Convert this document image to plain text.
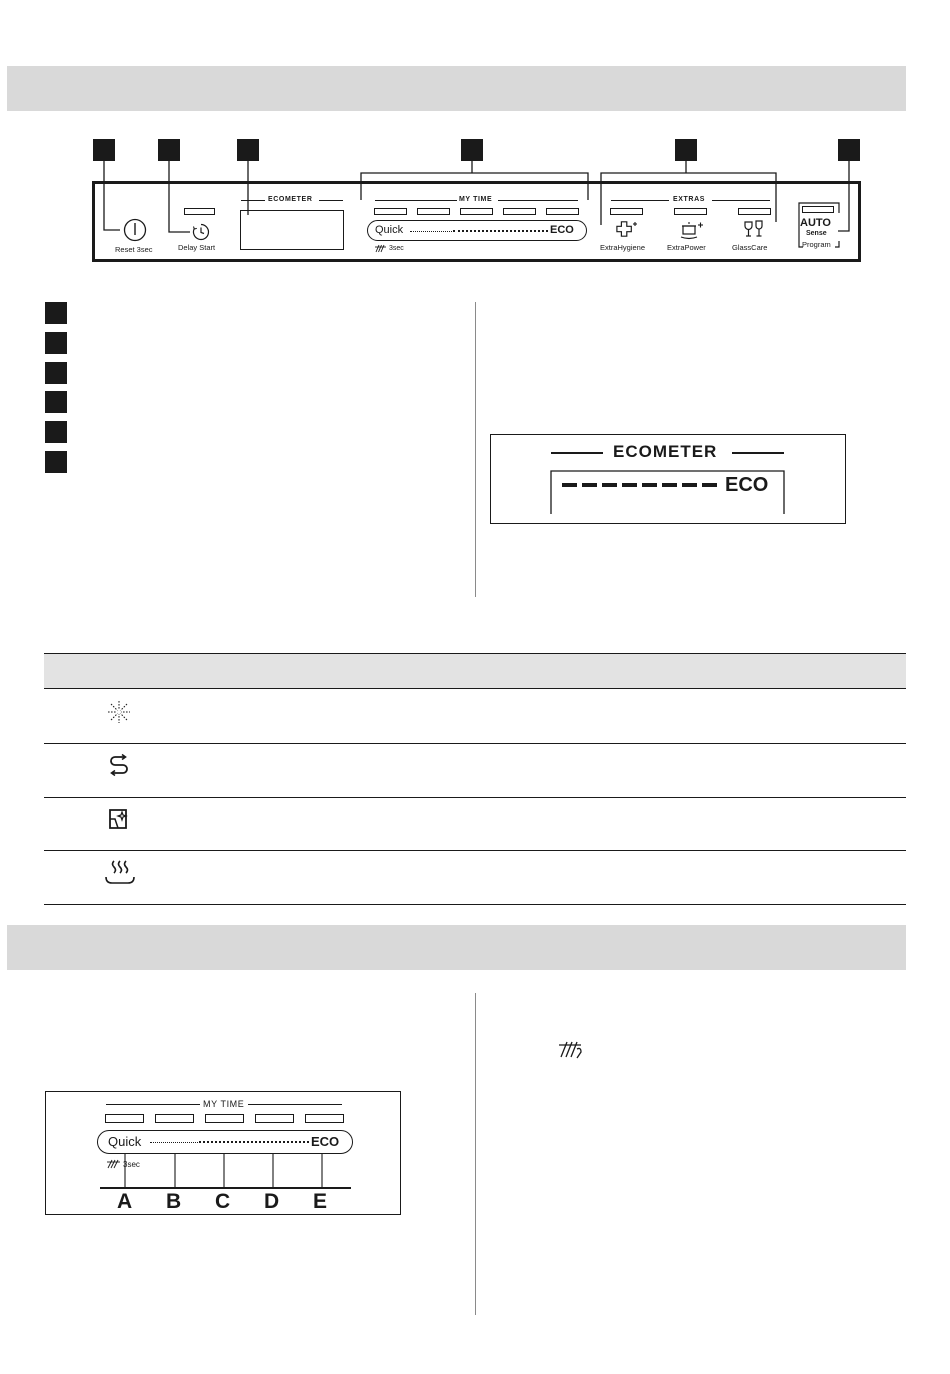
Reset 3sec	Delay Start
ECOMETER	MY TIME
Quick	ECO
3sec
EXTRAS
ExtraHygiene	ExtraPower	GlassCare
AUTO
Sense
Program
ECOMETER
ECO
MY TIME
Quick	ECO
3sec
A B C D E
